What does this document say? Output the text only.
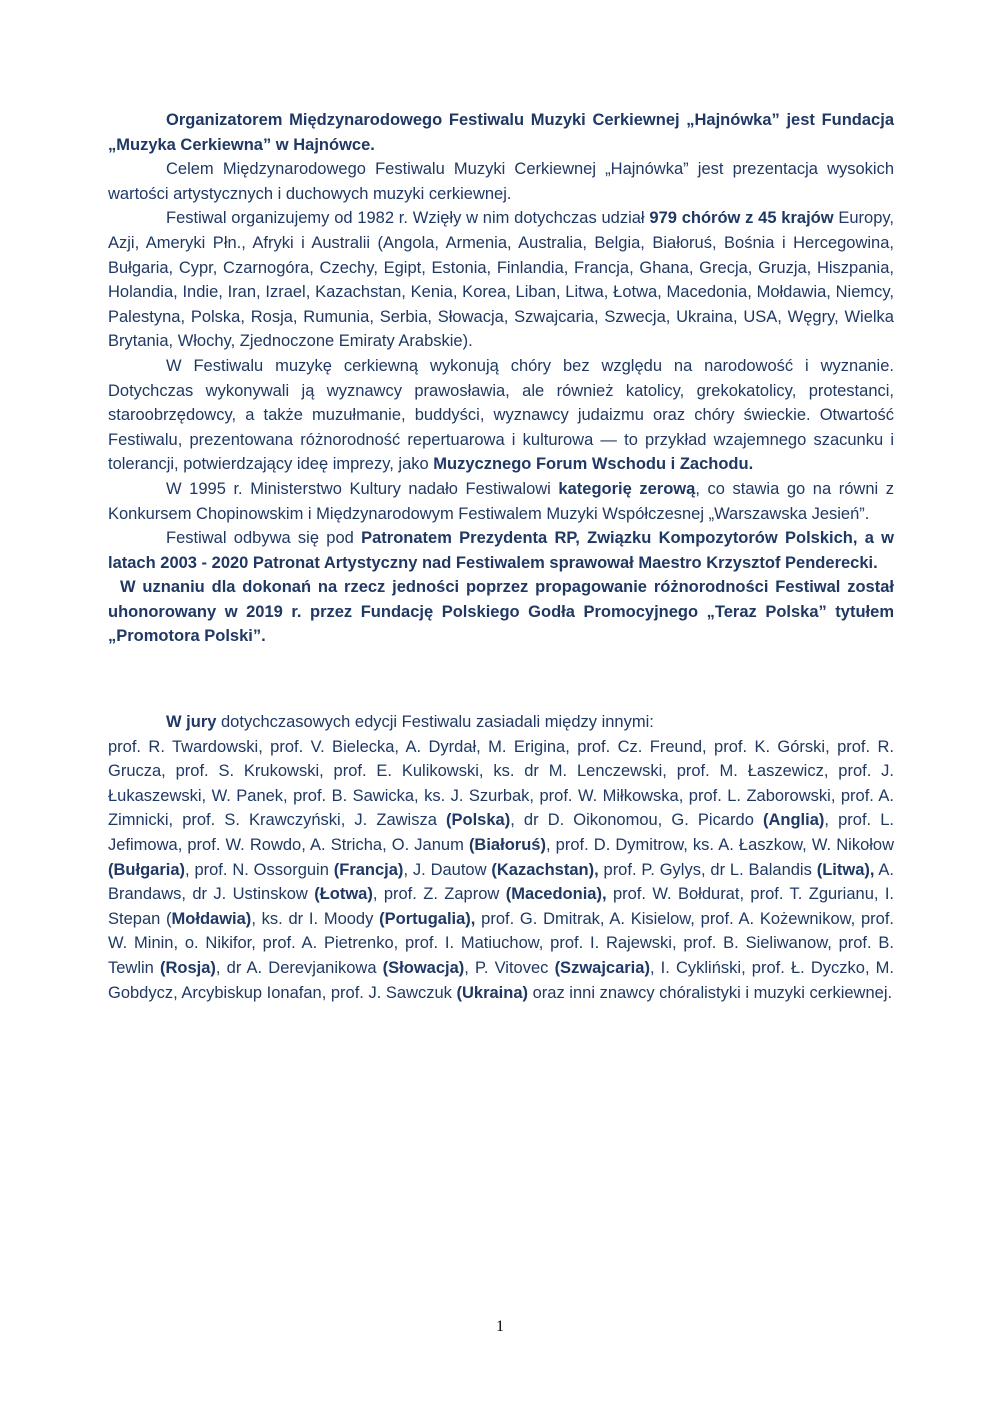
Organizatorem Międzynarodowego Festiwalu Muzyki Cerkiewnej „Hajnówka” jest Fundacja „Muzyka Cerkiewna” w Hajnówce.

Celem Międzynarodowego Festiwalu Muzyki Cerkiewnej „Hajnówka” jest prezentacja wysokich wartości artystycznych i duchowych muzyki cerkiewnej.

Festiwal organizujemy od 1982 r. Wzięły w nim dotychczas udział 979 chórów z 45 krajów Europy, Azji, Ameryki Płn., Afryki i Australii (Angola, Armenia, Australia, Belgia, Białoruś, Bośnia i Hercegowina, Bułgaria, Cypr, Czarnogóra, Czechy, Egipt, Estonia, Finlandia, Francja, Ghana, Grecja, Gruzja, Hiszpania, Holandia, Indie, Iran, Izrael, Kazachstan, Kenia, Korea, Liban, Litwa, Łotwa, Macedonia, Mołdawia, Niemcy, Palestyna, Polska, Rosja, Rumunia, Serbia, Słowacja, Szwajcaria, Szwecja, Ukraina, USA, Węgry, Wielka Brytania, Włochy, Zjednoczone Emiraty Arabskie).

W Festiwalu muzykę cerkiewną wykonują chóry bez względu na narodowość i wyznanie. Dotychczas wykonywali ją wyznawcy prawosławia, ale również katolicy, grekokatolicy, protestanci, staroobrzędowcy, a także muzułmanie, buddyści, wyznawcy judaizmu oraz chóry świeckie. Otwartość Festiwalu, prezentowana różnorodność repertuarowa i kulturowa — to przykład wzajemnego szacunku i tolerancji, potwierdzający ideę imprezy, jako Muzycznego Forum Wschodu i Zachodu.

W 1995 r. Ministerstwo Kultury nadało Festiwalowi kategorię zerową, co stawia go na równi z Konkursem Chopinowskim i Międzynarodowym Festiwalem Muzyki Współczesnej „Warszawska Jesień”.

Festiwal odbywa się pod Patronatem Prezydenta RP, Związku Kompozytorów Polskich, a w latach 2003 - 2020 Patronat Artystyczny nad Festiwalem sprawował Maestro Krzysztof Penderecki.

W uznaniu dla dokonań na rzecz jedności poprzez propagowanie różnorodności Festiwal został uhonorowany w 2019 r. przez Fundację Polskiego Godła Promocyjnego „Teraz Polska” tytułem „Promotora Polski”.

W jury dotychczasowych edycji Festiwalu zasiadali między innymi:

prof. R. Twardowski, prof. V. Bielecka, A. Dyrdał, M. Erigina, prof. Cz. Freund, prof. K. Górski, prof. R. Grucza, prof. S. Krukowski, prof. E. Kulikowski, ks. dr M. Lenczewski, prof. M. Łaszewicz, prof. J. Łukaszewski, W. Panek, prof. B. Sawicka, ks. J. Szurbak, prof. W. Miłkowska, prof. L. Zaborowski, prof. A. Zimnicki, prof. S. Krawczyński, J. Zawisza (Polska), dr D. Oikonomou, G. Picardo (Anglia), prof. L. Jefimowa, prof. W. Rowdo, A. Stricha, O. Janum (Białoruś), prof. D. Dymitrow, ks. A. Łaszkow, W. Nikołow (Bułgaria), prof. N. Ossorguin (Francja), J. Dautow (Kazachstan), prof. P. Gylys, dr L. Balandis (Litwa), A. Brandaws, dr J. Ustinskow (Łotwa), prof. Z. Zaprow (Macedonia), prof. W. Bołdurat, prof. T. Zgurianu, I. Stepan (Mołdawia), ks. dr I. Moody (Portugalia), prof. G. Dmitrak, A. Kisielow, prof. A. Kożewnikow, prof. W. Minin, o. Nikifor, prof. A. Pietrenko, prof. I. Matiuchow, prof. I. Rajewski, prof. B. Sieliwanow, prof. B. Tewlin (Rosja), dr A. Derevjanikowa (Słowacja), P. Vitovec (Szwajcaria), I. Cykliński, prof. Ł. Dyczko, M. Gobdycz, Arcybiskup Ionafan, prof. J. Sawczuk (Ukraina) oraz inni znawcy chóralistyki i muzyki cerkiewnej.

1
